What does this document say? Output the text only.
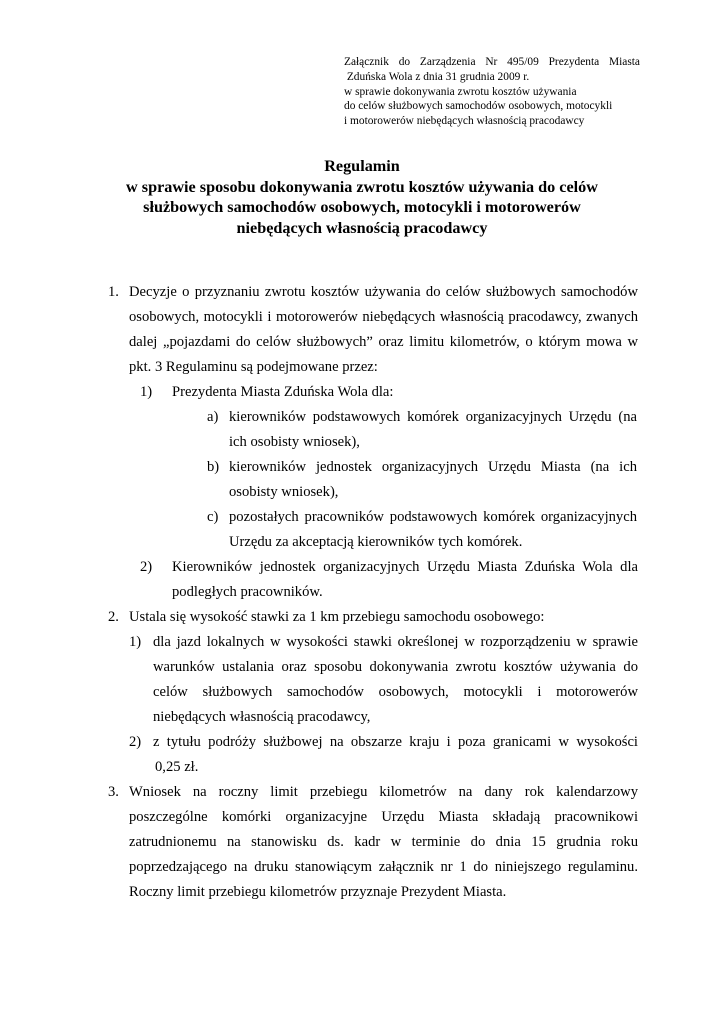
Załącznik do Zarządzenia Nr 495/09 Prezydenta Miasta
Zduńska Wola z dnia 31 grudnia 2009 r.
w sprawie dokonywania zwrotu kosztów używania
do celów służbowych samochodów osobowych, motocykli
i motorowerów niebędących własnością pracodawcy
Regulamin
w sprawie sposobu dokonywania zwrotu kosztów używania do celów
służbowych samochodów osobowych, motocykli i motorowerów
niebędących własnością pracodawcy
1. Decyzje o przyznaniu zwrotu kosztów używania do celów służbowych samochodów
osobowych, motocykli i motorowerów niebędących własnością pracodawcy, zwanych
dalej „pojazdami do celów służbowych” oraz limitu kilometrów, o którym mowa w
pkt. 3 Regulaminu są podejmowane przez:
1) Prezydenta Miasta Zduńska Wola dla:
a) kierowników podstawowych komórek organizacyjnych Urzędu (na
ich osobisty wniosek),
b) kierowników jednostek organizacyjnych Urzędu Miasta (na ich
osobisty wniosek),
c) pozostałych pracowników podstawowych komórek organizacyjnych
Urzędu za akceptacją kierowników tych komórek.
2) Kierowników jednostek organizacyjnych Urzędu Miasta Zduńska Wola dla
podległych pracowników.
2. Ustala się wysokość stawki za 1 km przebiegu samochodu osobowego:
1) dla jazd lokalnych w wysokości stawki określonej w rozporządzeniu w sprawie
warunków ustalania oraz sposobu dokonywania zwrotu kosztów używania do
celów służbowych samochodów osobowych, motocykli i motorowerów
niebędących własnością pracodawcy,
2) z tytułu podróży służbowej na obszarze kraju i poza granicami w wysokości
0,25 zł.
3. Wniosek na roczny limit przebiegu kilometrów na dany rok kalendarzowy
poszczególne komórki organizacyjne Urzędu Miasta składają pracownikowi
zatrudnionemu na stanowisku ds. kadr w terminie do dnia 15 grudnia roku
poprzedzającego na druku stanowiącym załącznik nr 1 do niniejszego regulaminu.
Roczny limit przebiegu kilometrów przyznaje Prezydent Miasta.
